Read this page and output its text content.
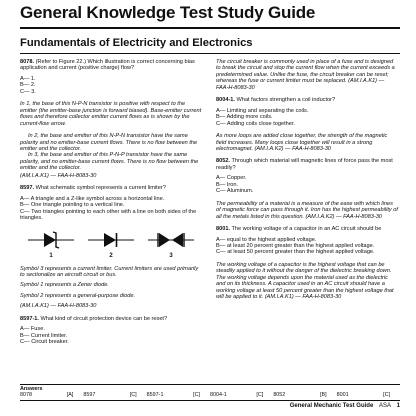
General Knowledge Test Study Guide
Fundamentals of Electricity and Electronics
8078. (Refer to Figure 22.) Which illustration is correct concerning bias application and current (positive charge) flow?
A— 1.
B— 2.
C— 3.
In 1, the base of this N-P-N transistor is positive with respect to the emitter (the emitter-base junction is forward biased). Base-emitter current flows and therefore collector emitter current flows as is shown by the current-flow arrow.
In 2, the base and emitter of this N-P-N transistor have the same polarity and no emitter-base current flows. There is no flow between the emitter and the collector.
In 3, the base and emitter of this P-N-P transistor have the same polarity, and no emitter-base current flows. There is no flow between the emitter and the collector.
(AM.I.A.K1) — FAA-H-8083-30
8597. What schematic symbol represents a current limiter?
A— A triangle and a Z-like symbol across a horizontal line.
B— One triangle pointing to a vertical line.
C— Two triangles pointing to each other with a line on both sides of the triangles.
1	2	3
Symbol 3 represents a current limiter. Current limiters are used primarily to sectionalize an aircraft circuit or bus.
Symbol 1 represents a Zener diode.
Symbol 2 represents a general-purpose diode.
(AM.I.A.K1) — FAA-H-8083-30
8597-1. What kind of circuit protection device can be reset?
A— Fuse.
B— Current limiter.
C— Circuit breaker.
The circuit breaker is commonly used in place of a fuse and is designed to break the circuit and stop the current flow when the current exceeds a predetermined value. Unlike the fuse, the circuit breaker can be reset; whereas the fuse or current limiter must be replaced. (AM.I.A.K1) — FAA-H-8083-30
8004-1. What factors strengthen a coil inductor?
A— Limiting and separating the coils.
B— Adding more coils.
C— Adding coils close together.
As more loops are added close together, the strength of the magnetic field increases. Many loops close together will result in a strong electromagnet. (AM.I.A.K2) — FAA-H-8083-30
8052. Through which material will magnetic lines of force pass the most readily?
A— Copper.
B— Iron.
C— Aluminum.
The permeability of a material is a measure of the ease with which lines of magnetic force can pass through it. Iron has the highest permeability of all the metals listed in this question. (AM.I.A.K2) — FAA-H-8083-30
8001. The working voltage of a capacitor in an AC circuit should be
A— equal to the highest applied voltage.
B— at least 20 percent greater than the highest applied voltage.
C— at least 50 percent greater than the highest applied voltage.
The working voltage of a capacitor is the highest voltage that can be steadily applied to it without the danger of the dielectric breaking down. The working voltage depends upon the material used as the dielectric and on its thickness. A capacitor used in an AC circuit should have a working voltage at least 50 percent greater than the highest voltage that will be applied to it. (AM.I.A.K1) — FAA-H-8083-30
Answers
8078	[A] 8597	[C] 8597-1	[C] 8004-1	[C] 8052	[B] 8001	[C]
General Mechanic Test Guide ASA 1
